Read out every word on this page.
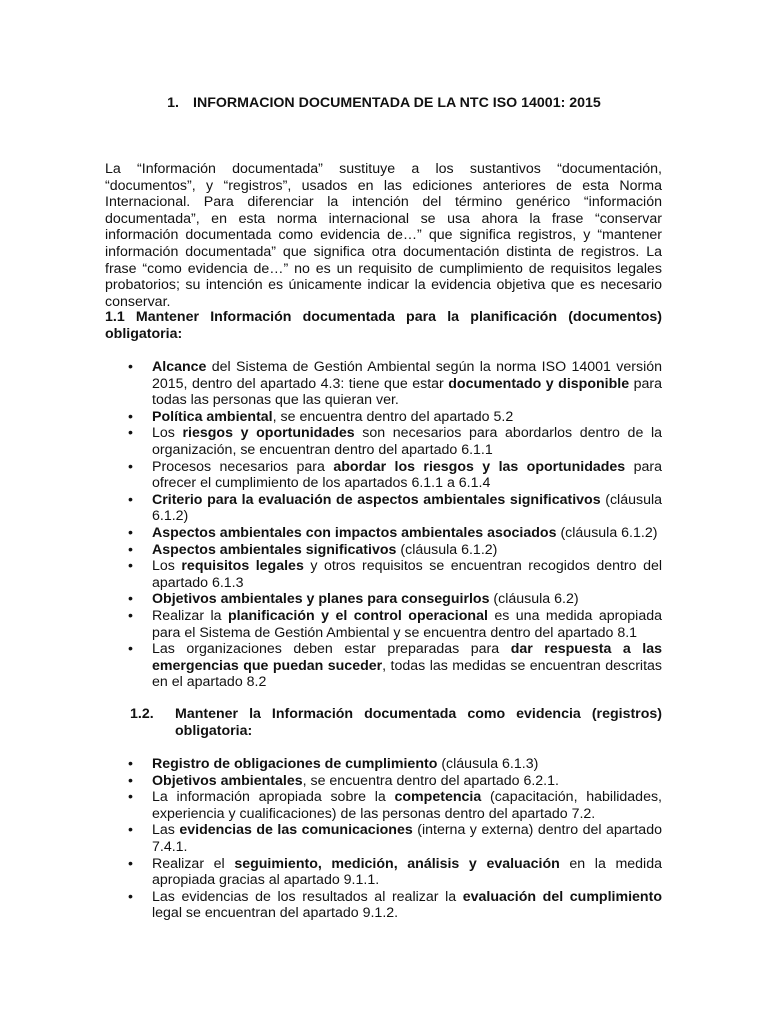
1. INFORMACION DOCUMENTADA DE LA NTC ISO 14001: 2015

La “Información documentada” sustituye a los sustantivos “documentación, “documentos”, y “registros”, usados en las ediciones anteriores de esta Norma Internacional. Para diferenciar la intención del término genérico “información documentada”, en esta norma internacional se usa ahora la frase “conservar información documentada como evidencia de…” que significa registros, y “mantener información documentada” que significa otra documentación distinta de registros. La frase “como evidencia de…” no es un requisito de cumplimiento de requisitos legales probatorios; su intención es únicamente indicar la evidencia objetiva que es necesario conservar.

1.1 Mantener Información documentada para la planificación (documentos) obligatoria:

• Alcance del Sistema de Gestión Ambiental según la norma ISO 14001 versión 2015, dentro del apartado 4.3: tiene que estar documentado y disponible para todas las personas que las quieran ver.
• Política ambiental, se encuentra dentro del apartado 5.2
• Los riesgos y oportunidades son necesarios para abordarlos dentro de la organización, se encuentran dentro del apartado 6.1.1
• Procesos necesarios para abordar los riesgos y las oportunidades para ofrecer el cumplimiento de los apartados 6.1.1 a 6.1.4
• Criterio para la evaluación de aspectos ambientales significativos (cláusula 6.1.2)
• Aspectos ambientales con impactos ambientales asociados (cláusula 6.1.2)
• Aspectos ambientales significativos (cláusula 6.1.2)
• Los requisitos legales y otros requisitos se encuentran recogidos dentro del apartado 6.1.3
• Objetivos ambientales y planes para conseguirlos (cláusula 6.2)
• Realizar la planificación y el control operacional es una medida apropiada para el Sistema de Gestión Ambiental y se encuentra dentro del apartado 8.1
• Las organizaciones deben estar preparadas para dar respuesta a las emergencias que puedan suceder, todas las medidas se encuentran descritas en el apartado 8.2
1.2. Mantener la Información documentada como evidencia (registros) obligatoria:
• Registro de obligaciones de cumplimiento (cláusula 6.1.3)
• Objetivos ambientales, se encuentra dentro del apartado 6.2.1.
• La información apropiada sobre la competencia (capacitación, habilidades, experiencia y cualificaciones) de las personas dentro del apartado 7.2.
• Las evidencias de las comunicaciones (interna y externa) dentro del apartado 7.4.1.
• Realizar el seguimiento, medición, análisis y evaluación en la medida apropiada gracias al apartado 9.1.1.
• Las evidencias de los resultados al realizar la evaluación del cumplimiento legal se encuentran del apartado 9.1.2.
